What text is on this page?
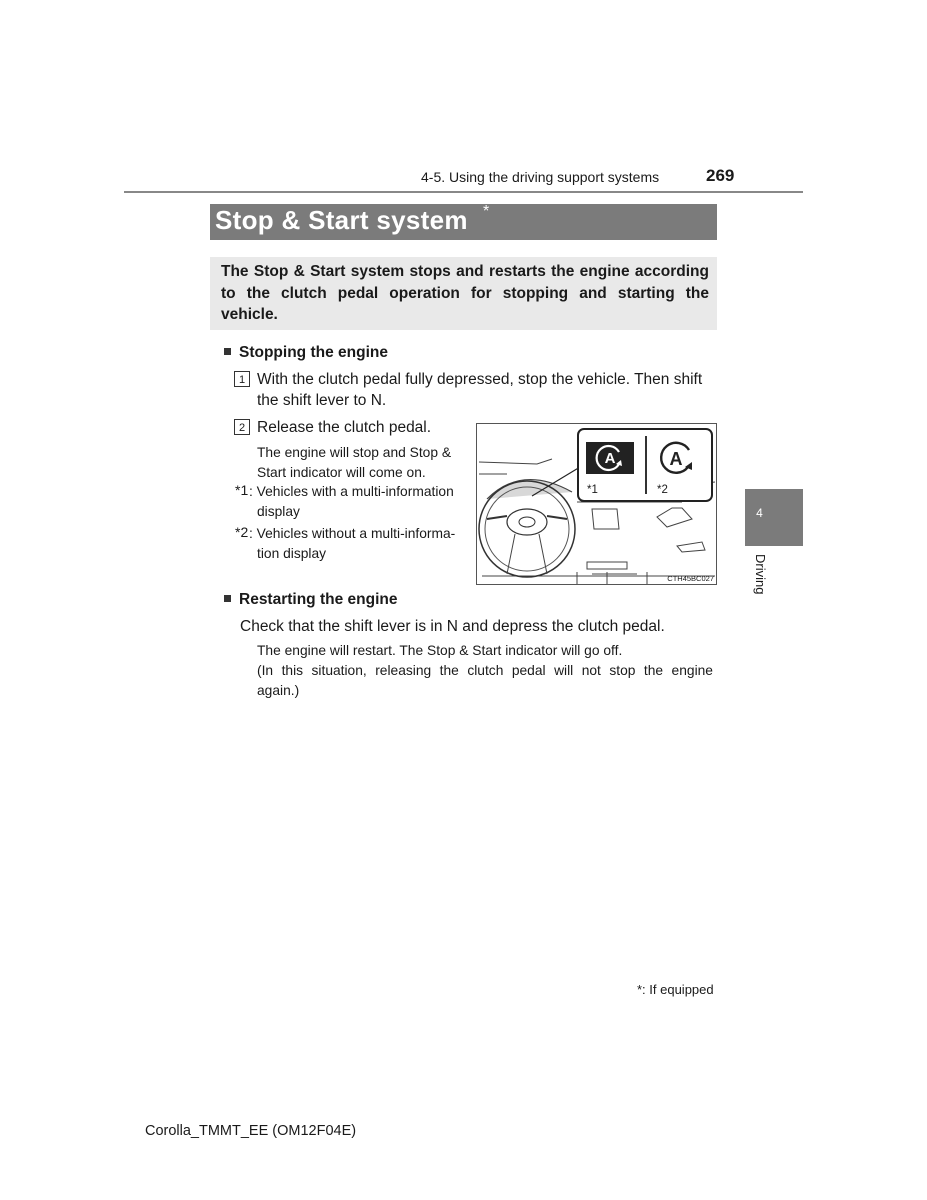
4-5. Using the driving support systems	269
Stop & Start system *
The Stop & Start system stops and restarts the engine according to the clutch pedal operation for stopping and starting the vehicle.
Stopping the engine
1 With the clutch pedal fully depressed, stop the vehicle. Then shift
the shift lever to N.
2 Release the clutch pedal.
The engine will stop and Stop &
Start indicator will come on.
*1 : Vehicles with a multi-information
display
*2 : Vehicles without a multi-informa-
tion display
A	A
*1	*2
CTH45BC027
Restarting the engine
Check that the shift lever is in N and depress the clutch pedal.
The engine will restart. The Stop & Start indicator will go off.
(In this situation, releasing the clutch pedal will not stop the engine
again.)
*: If equipped
4
Driving
Corolla_TMMT_EE (OM12F04E)
